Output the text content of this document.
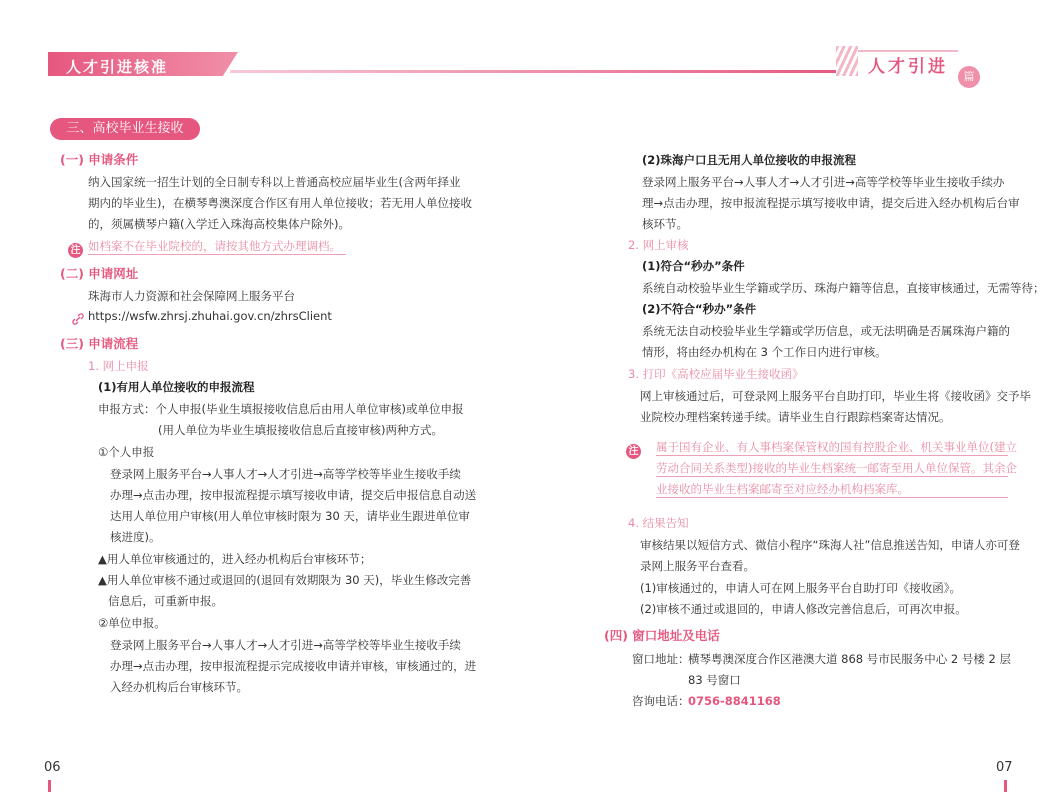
人才引进核准	人才引进	篇
三、高校毕业生接收
(一) 申请条件
纳入国家统一招生计划的全日制专科以上普通高校应届毕业生(含两年择业
期内的毕业生)，在横琴粤澳深度合作区有用人单位接收；若无用人单位接收
的，须属横琴户籍(入学迁入珠海高校集体户除外)。
注 如档案不在毕业院校的，请按其他方式办理调档。
(二) 申请网址
珠海市人力资源和社会保障网上服务平台
https://wsfw.zhrsj.zhuhai.gov.cn/zhrsClient
(三) 申请流程
1. 网上申报
(1)有用人单位接收的申报流程
申报方式：个人申报(毕业生填报接收信息后由用人单位审核)或单位申报
(用人单位为毕业生填报接收信息后直接审核)两种方式。
①个人申报
登录网上服务平台→人事人才→人才引进→高等学校等毕业生接收手续
办理→点击办理，按申报流程提示填写接收申请，提交后申报信息自动送
达用人单位用户审核(用人单位审核时限为 30 天，请毕业生跟进单位审
核进度)。
▲用人单位审核通过的，进入经办机构后台审核环节；
▲用人单位审核不通过或退回的(退回有效期限为 30 天)，毕业生修改完善
信息后，可重新申报。
②单位申报。
登录网上服务平台→人事人才→人才引进→高等学校等毕业生接收手续
办理→点击办理，按申报流程提示完成接收申请并审核，审核通过的，进
入经办机构后台审核环节。
06
(2)珠海户口且无用人单位接收的申报流程
登录网上服务平台→人事人才→人才引进→高等学校等毕业生接收手续办
理→点击办理，按申报流程提示填写接收申请，提交后进入经办机构后台审
核环节。
2. 网上审核
(1)符合“秒办”条件
系统自动校验毕业生学籍或学历、珠海户籍等信息，直接审核通过，无需等待；
(2)不符合“秒办”条件
系统无法自动校验毕业生学籍或学历信息，或无法明确是否属珠海户籍的
情形，将由经办机构在 3 个工作日内进行审核。
3. 打印《高校应届毕业生接收函》
网上审核通过后，可登录网上服务平台自助打印，毕业生将《接收函》交予毕
业院校办理档案转递手续。请毕业生自行跟踪档案寄达情况。
注 属于国有企业、有人事档案保管权的国有控股企业、机关事业单位(建立
劳动合同关系类型)接收的毕业生档案统一邮寄至用人单位保管。其余企
业接收的毕业生档案邮寄至对应经办机构档案库。
4. 结果告知
审核结果以短信方式、微信小程序“珠海人社”信息推送告知，申请人亦可登
录网上服务平台查看。
(1)审核通过的，申请人可在网上服务平台自助打印《接收函》。
(2)审核不通过或退回的，申请人修改完善信息后，可再次申报。
(四) 窗口地址及电话
窗口地址：
横琴粤澳深度合作区港澳大道 868 号市民服务中心 2 号楼 2 层
83 号窗口
咨询电话：
0756-8841168
07
